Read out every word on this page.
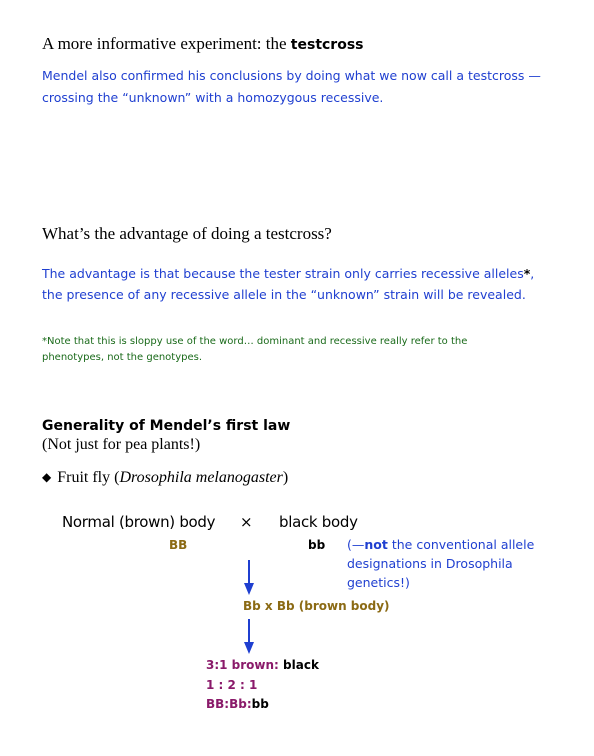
A more informative experiment: the testcross
Mendel also confirmed his conclusions by doing what we now call a testcross —
crossing the “unknown” with a homozygous recessive.
What’s the advantage of doing a testcross?
The advantage is that because the tester strain only carries recessive alleles*,
the presence of any recessive allele in the “unknown” strain will be revealed.
*Note that this is sloppy use of the word… dominant and recessive really refer to the
phenotypes, not the genotypes.
Generality of Mendel’s first law
(Not just for pea plants!)
◆ Fruit fly (Drosophila melanogaster)
Normal (brown) body × black body
BB	bb (—not the conventional allele
designations in Drosophila
genetics!)
Bb x Bb (brown body)
3:1 brown: black
1 : 2 : 1
BB:Bb:bb
